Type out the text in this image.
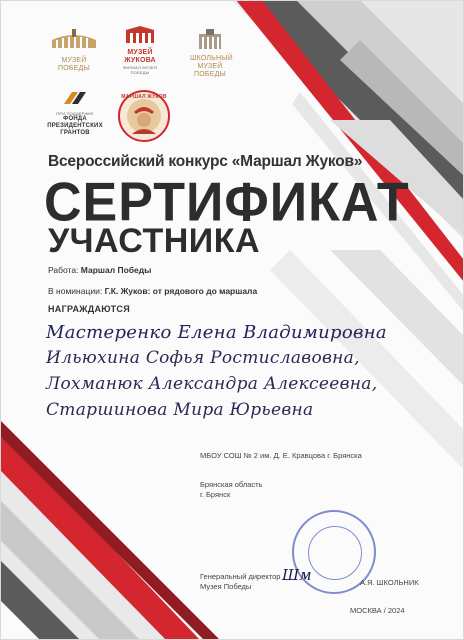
МУЗЕЙ ПОБЕДЫ
МУЗЕЙ
ЖУКОВА
ФИЛИАЛ МУЗЕЯ ПОБЕДЫ
ШКОЛЬНЫЙ
МУЗЕЙ
ПОБЕДЫ
ПРИ ПОДДЕРЖКЕ
ФОНДА
ПРЕЗИДЕНТСКИХ
ГРАНТОВ
МАРШАЛ ЖУКОВ
Всероссийский конкурс «Маршал Жуков»
СЕРТИФИКАТ
УЧАСТНИКА
Работа: Маршал Победы
В номинации: Г.К. Жуков: от рядового до маршала
НАГРАЖДАЮТСЯ
Мастеренко Елена Владимировна
Ильюхина Софья Ростиславовна,
Лохманюк Александра Алексеевна,
Старшинова Мира Юрьевна
МБОУ СОШ № 2 им. Д. Е. Кравцова г. Брянска
Брянская область
г. Брянск
Генеральный директор
Музея Победы
Шм	А.Я. ШКОЛЬНИК
МОСКВА / 2024
